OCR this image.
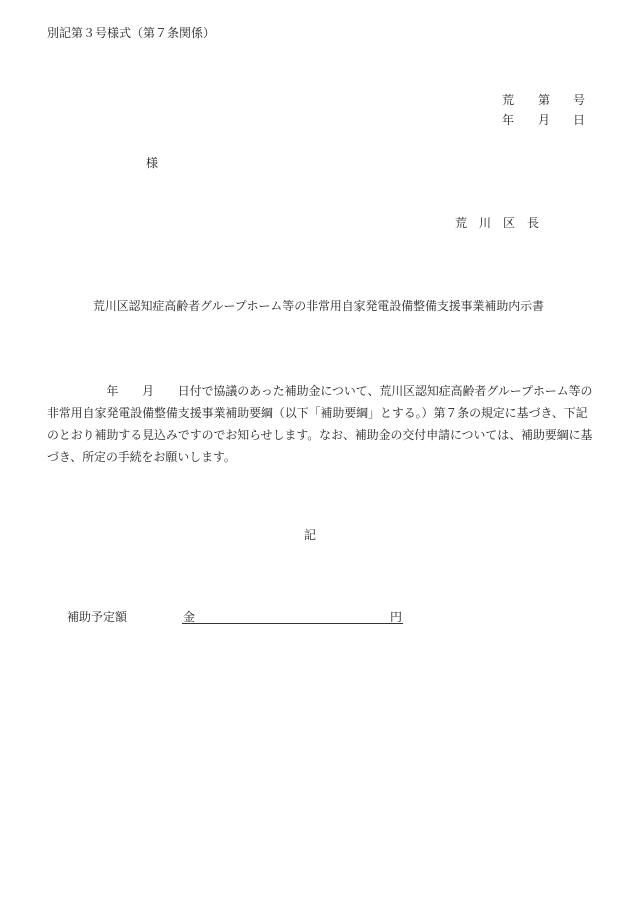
別記第３号様式（第７条関係）
荒 第 号
年 月 日
様
荒　川　区　長
荒川区認知症高齢者グループホーム等の非常用自家発電設備整備支援事業補助内示書
　　　　　年　　月　　日付で協議のあった補助金について、荒川区認知症高齢者グループホーム等の
非常用自家発電設備整備支援事業補助要綱（以下「補助要綱」とする。）第７条の規定に基づき、下記
のとおり補助する見込みですのでお知らせします。なお、補助金の交付申請については、補助要綱に基
づき、所定の手続をお願いします。
記
補助予定額	金	円
